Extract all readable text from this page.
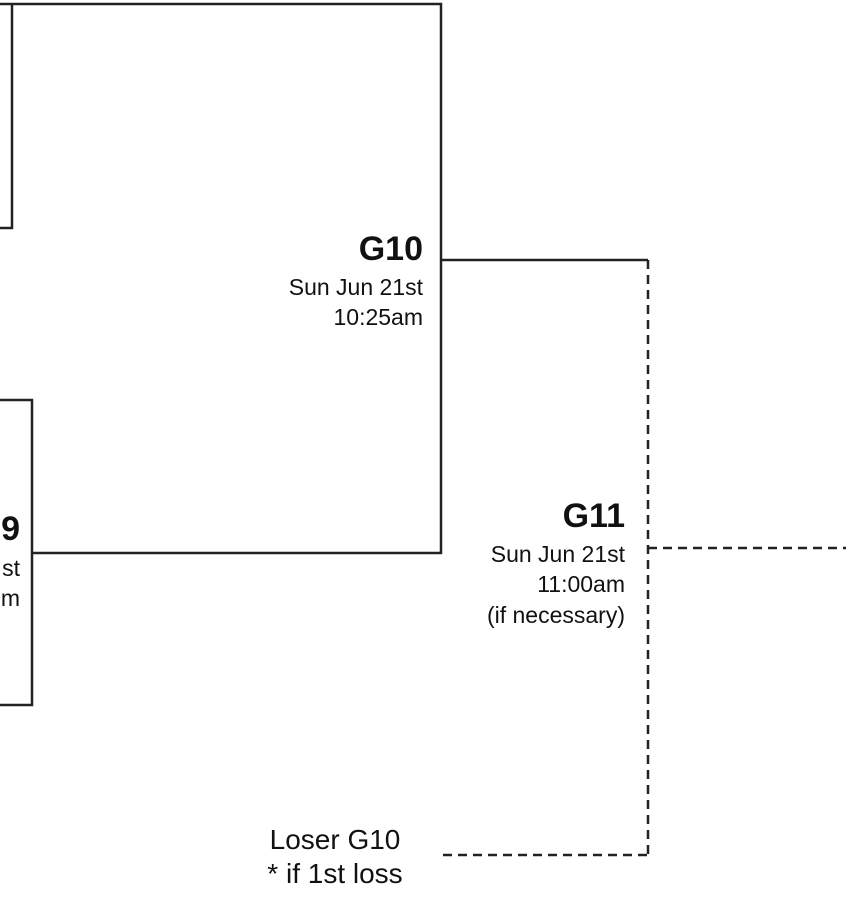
9
st
m
G10
Sun Jun 21st
10:25am
G11
Sun Jun 21st
11:00am
(if necessary)
Loser G10
* if 1st loss
